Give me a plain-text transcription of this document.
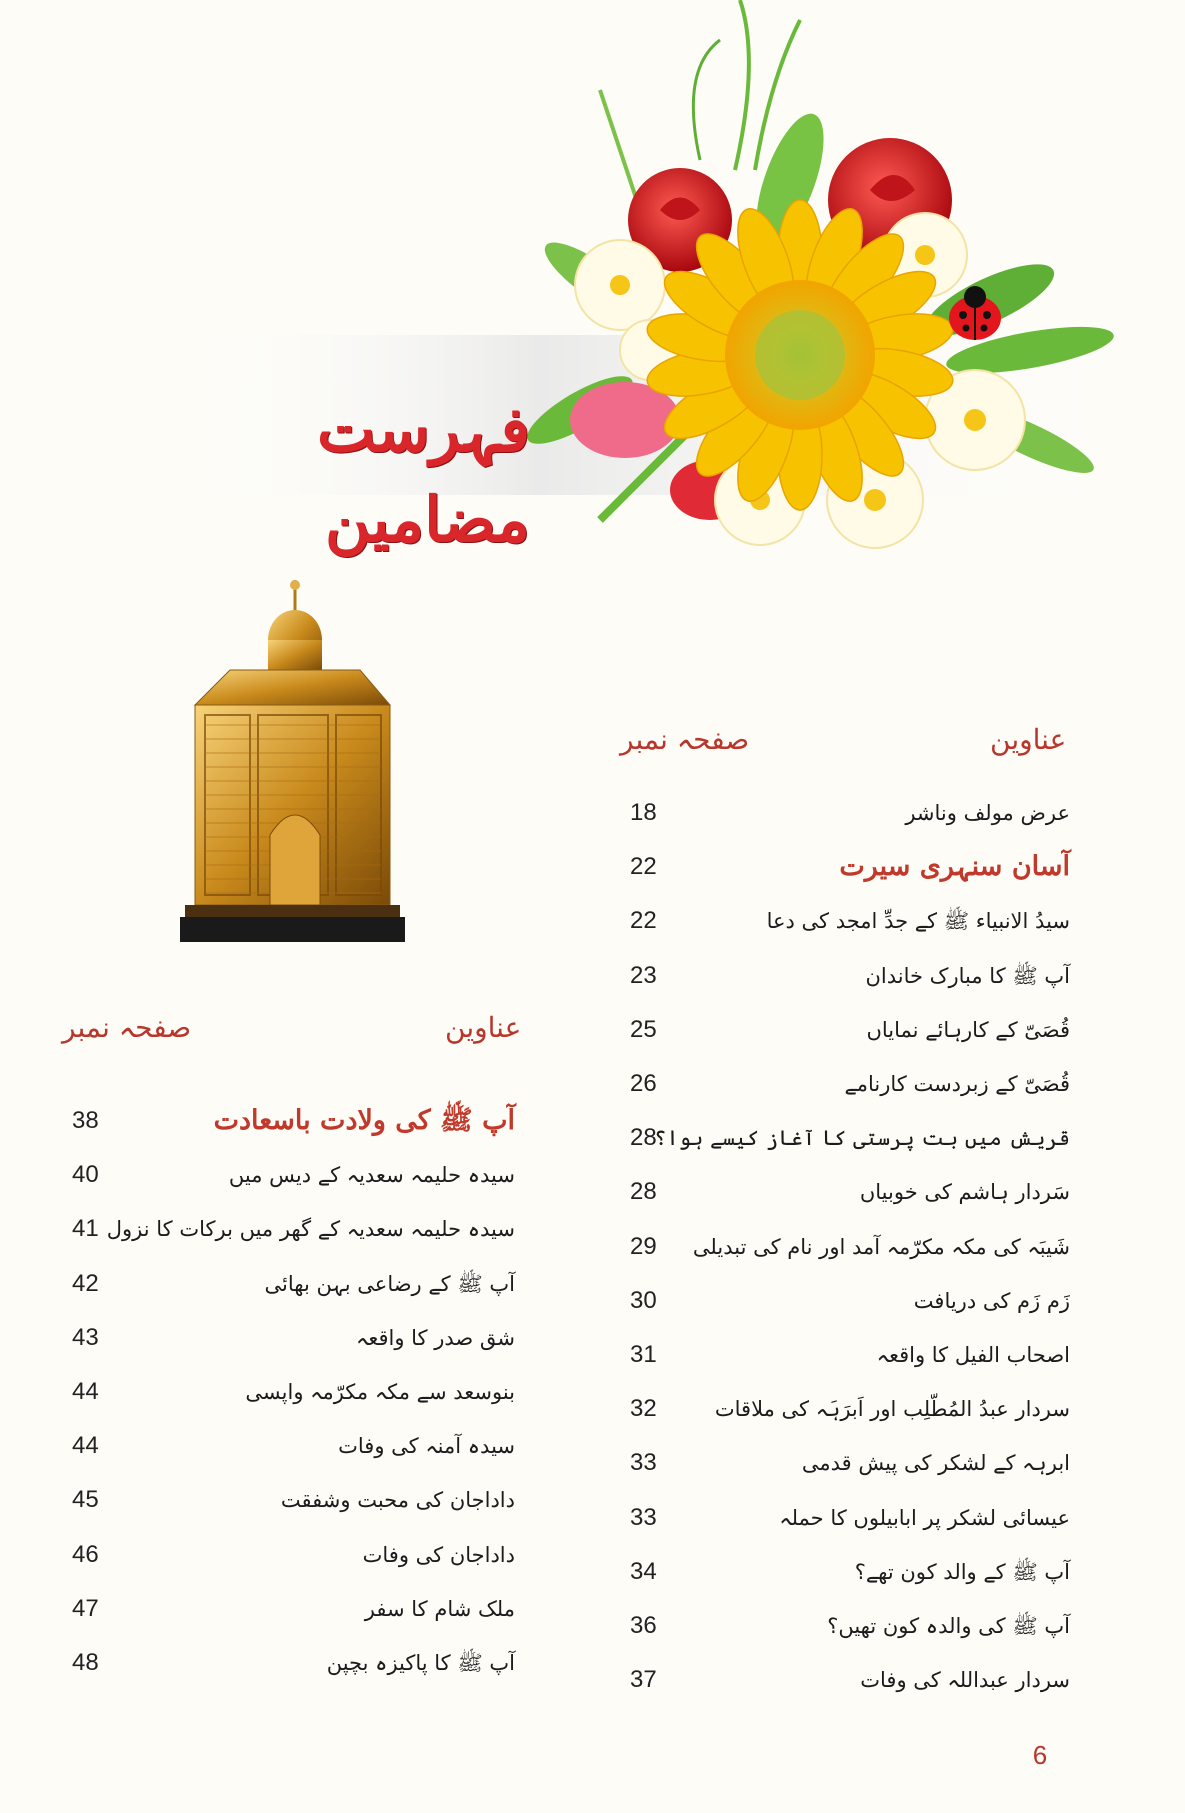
فہرست مضامین
عناوین
صفحہ نمبر
عناوین
صفحہ نمبر
عرض مولف وناشر
18
آسان سنہری سیرت
22
سیدُ الانبیاء ﷺ کے جدِّ امجد کی دعا
22
آپ ﷺ کا مبارک خاندان
23
قُصَیّ کے کارہائے نمایاں
25
قُصَیّ کے زبردست کارنامے
26
قریش میں بت پرستی کا آغاز کیسے ہوا؟
28
سَردار ہاشم کی خوبیاں
28
شَیبَہ کی مکہ مکرّمہ آمد اور نام کی تبدیلی
29
زَم زَم کی دریافت
30
اصحاب الفیل کا واقعہ
31
سردار عبدُ المُطّلِب اور اَبرَہَہ کی ملاقات
32
ابرہہ کے لشکر کی پیش قدمی
33
عیسائی لشکر پر ابابیلوں کا حملہ
33
آپ ﷺ کے والد کون تھے؟
34
آپ ﷺ کی والدہ کون تھیں؟
36
سردار عبداللہ کی وفات
37
آپ ﷺ کی ولادت باسعادت
38
سیدہ حلیمہ سعدیہ کے دیس میں
40
سیدہ حلیمہ سعدیہ کے گھر میں برکات کا نزول
41
آپ ﷺ کے رضاعی بہن بھائی
42
شق صدر کا واقعہ
43
بنوسعد سے مکہ مکرّمہ واپسی
44
سیدہ آمنہ کی وفات
44
داداجان کی محبت وشفقت
45
داداجان کی وفات
46
ملک شام کا سفر
47
آپ ﷺ کا پاکیزہ بچپن
48
6
